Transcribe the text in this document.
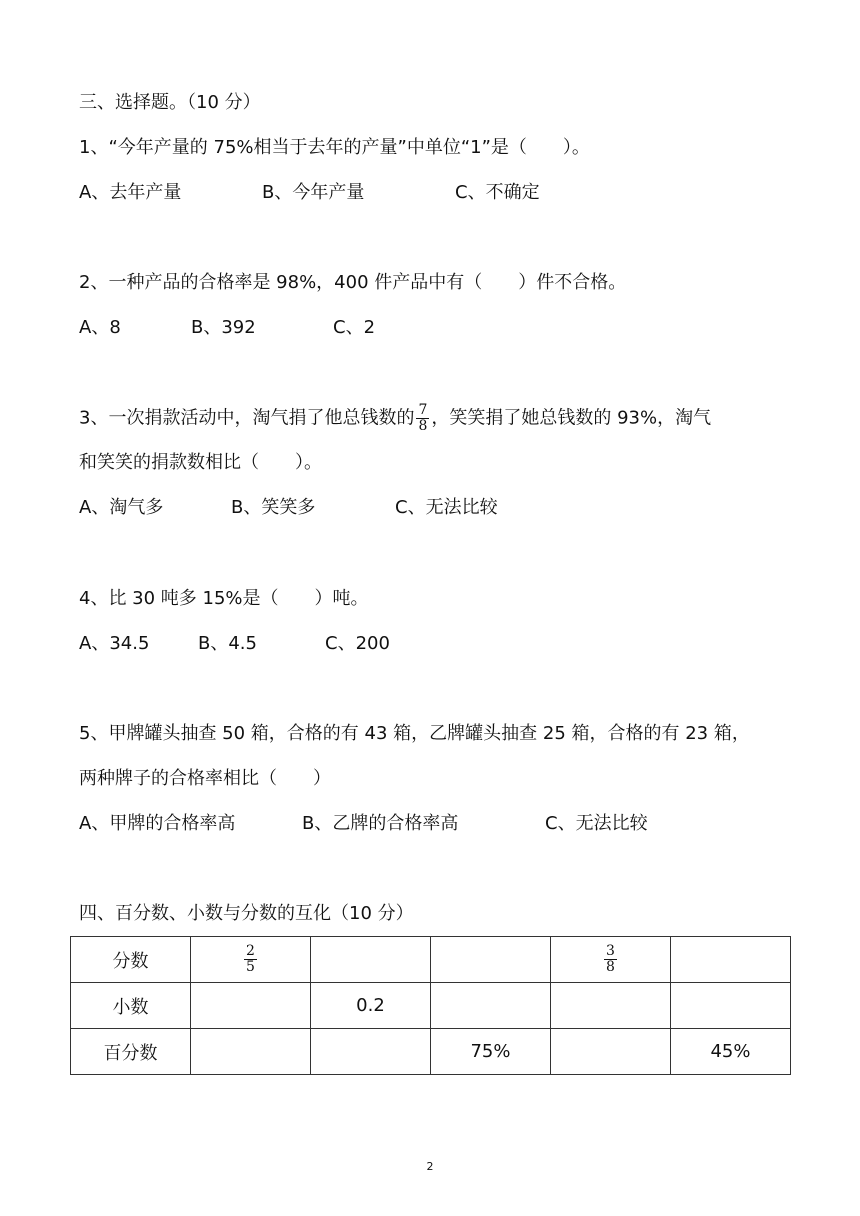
三、选择题。（10 分）
1、“今年产量的 75%相当于去年的产量”中单位“1”是（　　）。
A、去年产量	B、今年产量	C、不确定
2、一种产品的合格率是 98%，400 件产品中有（　　）件不合格。
A、8	B、392	C、2
3、一次捐款活动中，淘气捐了他总钱数的 $\frac{7}{8}$ ，笑笑捐了她总钱数的 93%，淘气
和笑笑的捐款数相比（　　）。
A、淘气多	B、笑笑多	C、无法比较
4、比 30 吨多 15%是（　　）吨。
A、34.5	B、4.5	C、200
5、甲牌罐头抽查 50 箱，合格的有 43 箱，乙牌罐头抽查 25 箱，合格的有 23 箱，
两种牌子的合格率相比（　　）
A、甲牌的合格率高	B、乙牌的合格率高	C、无法比较
四、百分数、小数与分数的互化（10 分）
分数	$\frac{2}{5}$			$\frac{3}{8}$

小数		0.2			
百分数			75%		45%
2
